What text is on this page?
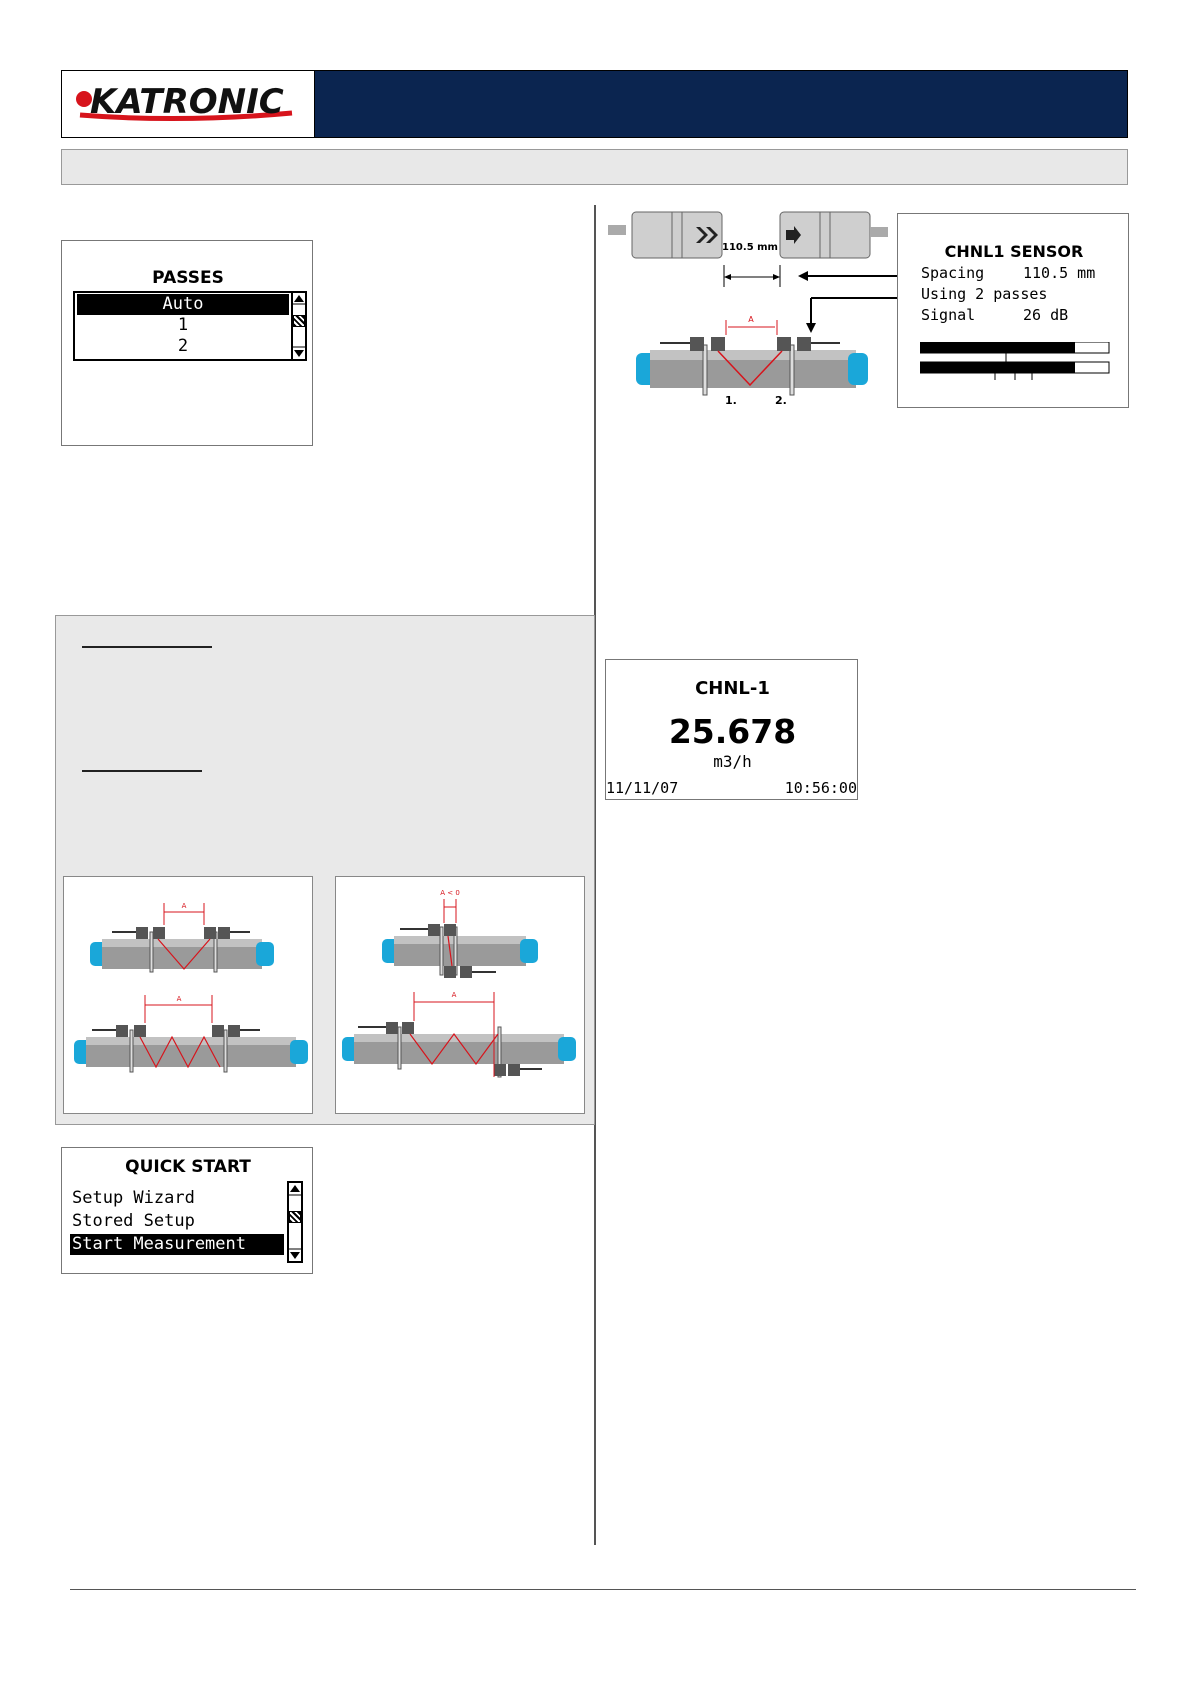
KATRONIC
PASSES
Auto
1
2
110.5 mm
A
1.	2.
CHNL1 SENSOR
Spacing	110.5 mm
Using 2 passes
Signal	26 dB
CHNL-1
25.678
m3/h
11/11/07	10:56:00
A
A
A < 0
A
QUICK START
Setup Wizard
Stored Setup
Start Measurement
